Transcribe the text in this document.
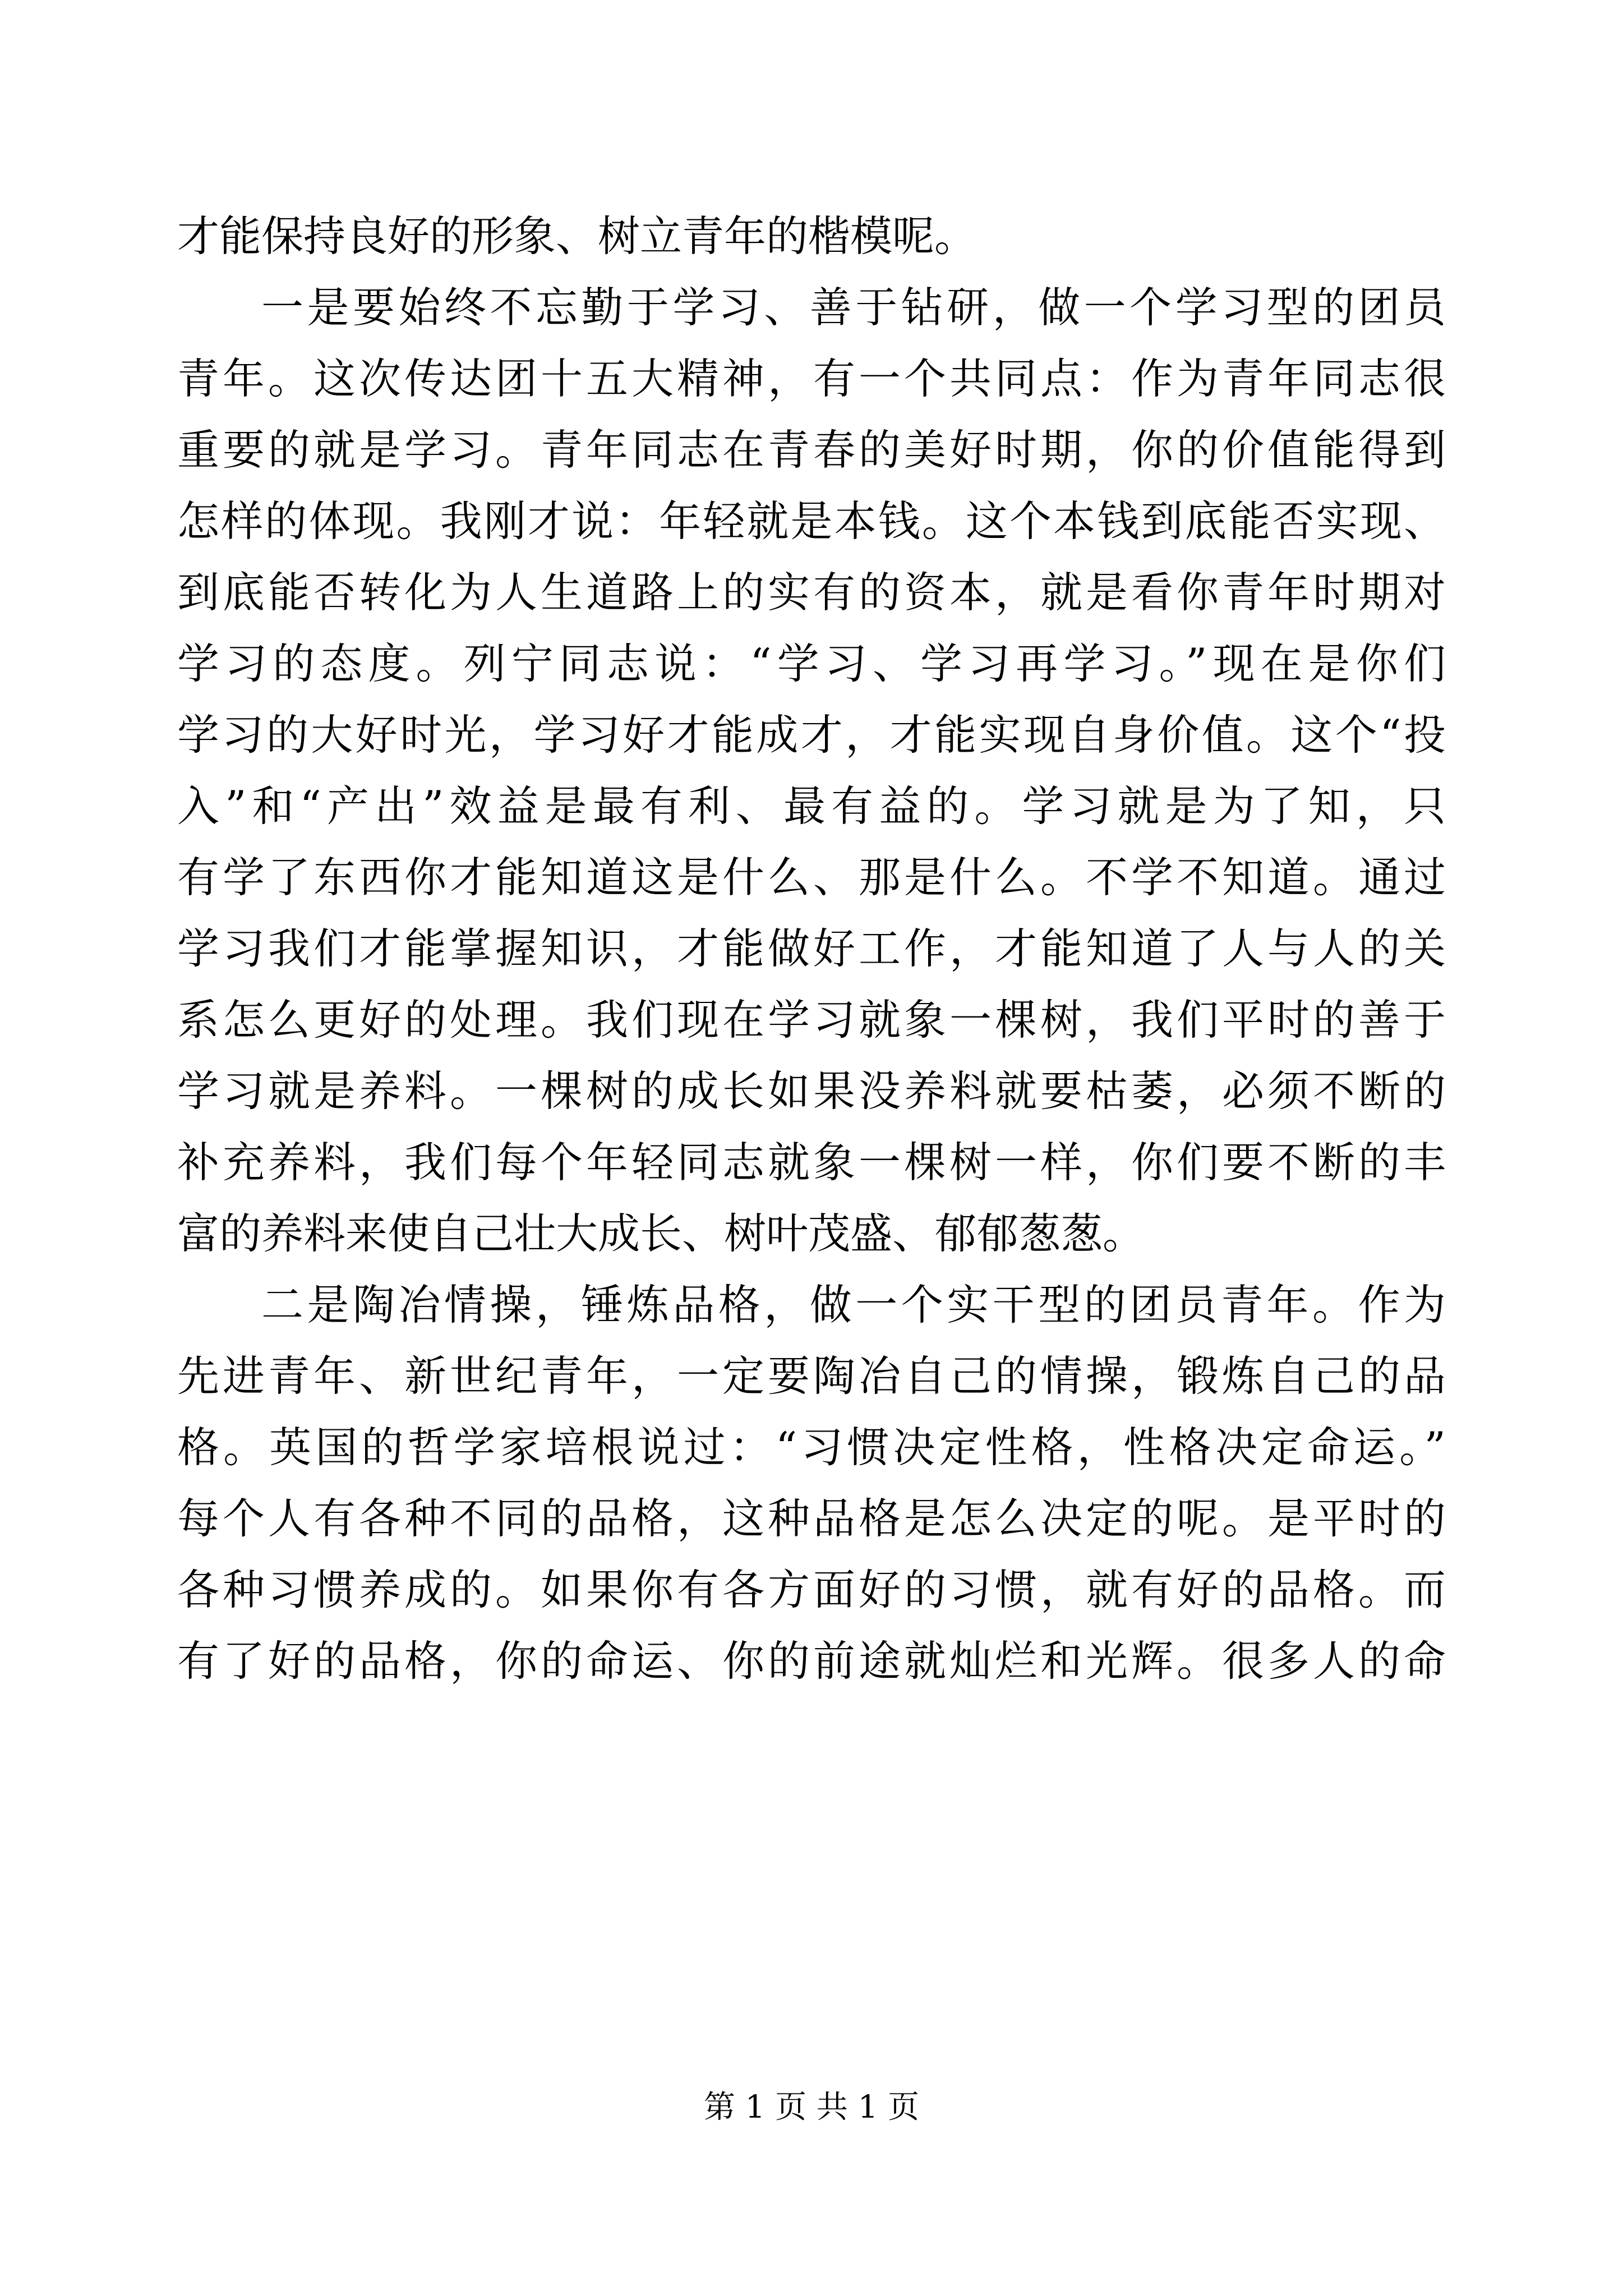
才能保持良好的形象、树立青年的楷模呢。
一是要始终不忘勤于学习、善于钻研，做一个学习型的团员
青年。这次传达团十五大精神，有一个共同点：作为青年同志很
重要的就是学习。青年同志在青春的美好时期，你的价值能得到
怎样的体现。我刚才说：年轻就是本钱。这个本钱到底能否实现、
到底能否转化为人生道路上的实有的资本，就是看你青年时期对
学习的态度。列宁同志说：“学习、学习再学习。”现在是你们
学习的大好时光，学习好才能成才，才能实现自身价值。这个“投
入”和“产出”效益是最有利、最有益的。学习就是为了知，只
有学了东西你才能知道这是什么、那是什么。不学不知道。通过
学习我们才能掌握知识，才能做好工作，才能知道了人与人的关
系怎么更好的处理。我们现在学习就象一棵树，我们平时的善于
学习就是养料。一棵树的成长如果没养料就要枯萎，必须不断的
补充养料，我们每个年轻同志就象一棵树一样，你们要不断的丰
富的养料来使自己壮大成长、树叶茂盛、郁郁葱葱。
二是陶冶情操，锤炼品格，做一个实干型的团员青年。作为
先进青年、新世纪青年，一定要陶冶自己的情操，锻炼自己的品
格。英国的哲学家培根说过：“习惯决定性格，性格决定命运。”
每个人有各种不同的品格，这种品格是怎么决定的呢。是平时的
各种习惯养成的。如果你有各方面好的习惯，就有好的品格。而
有了好的品格，你的命运、你的前途就灿烂和光辉。很多人的命
第 1 页 共 1 页
